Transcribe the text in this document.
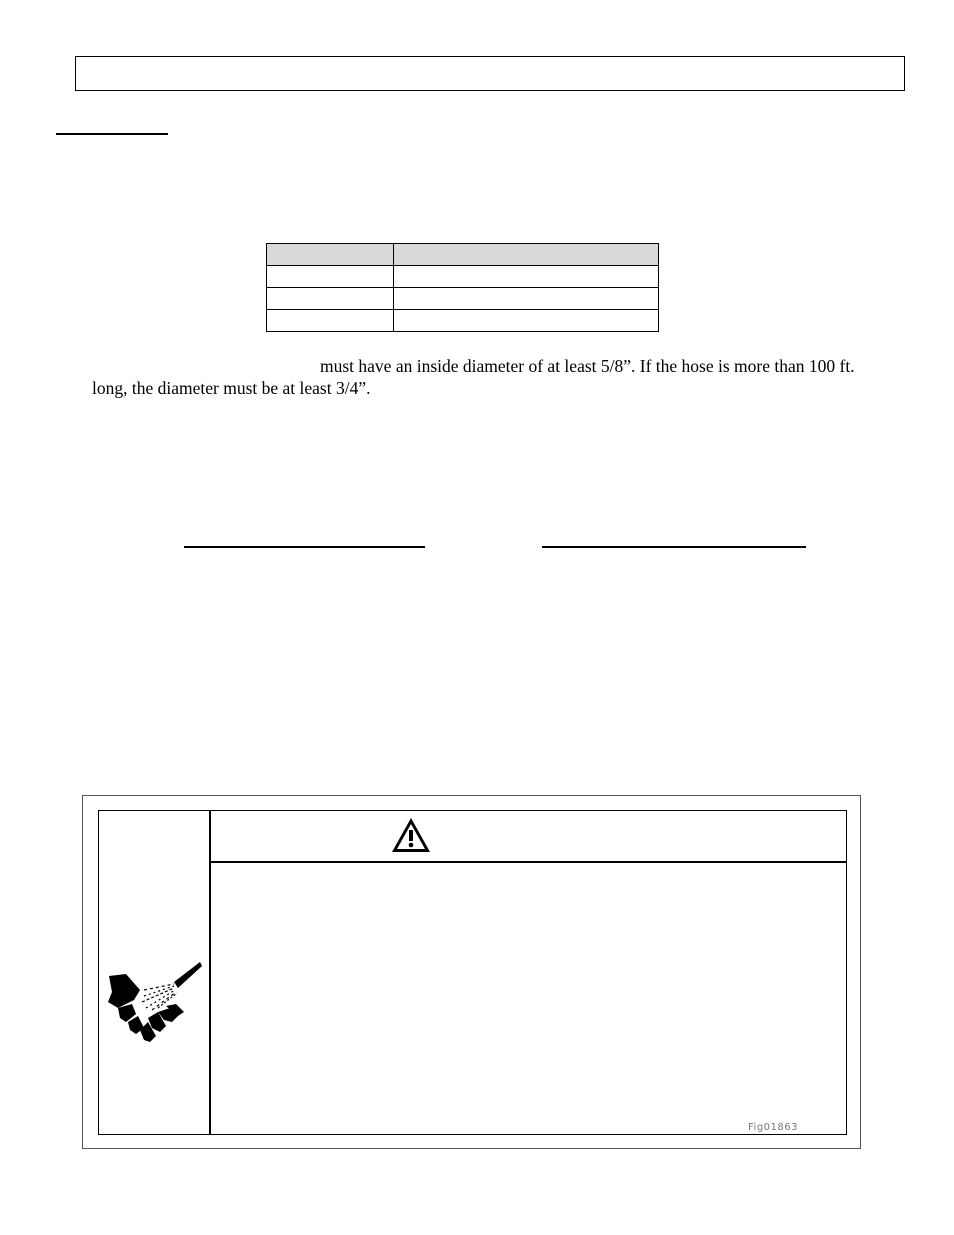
must have an inside diameter of at least 5/8”. If the hose is more than 100 ft.
long, the diameter must be at least 3/4”.
Fig01863
